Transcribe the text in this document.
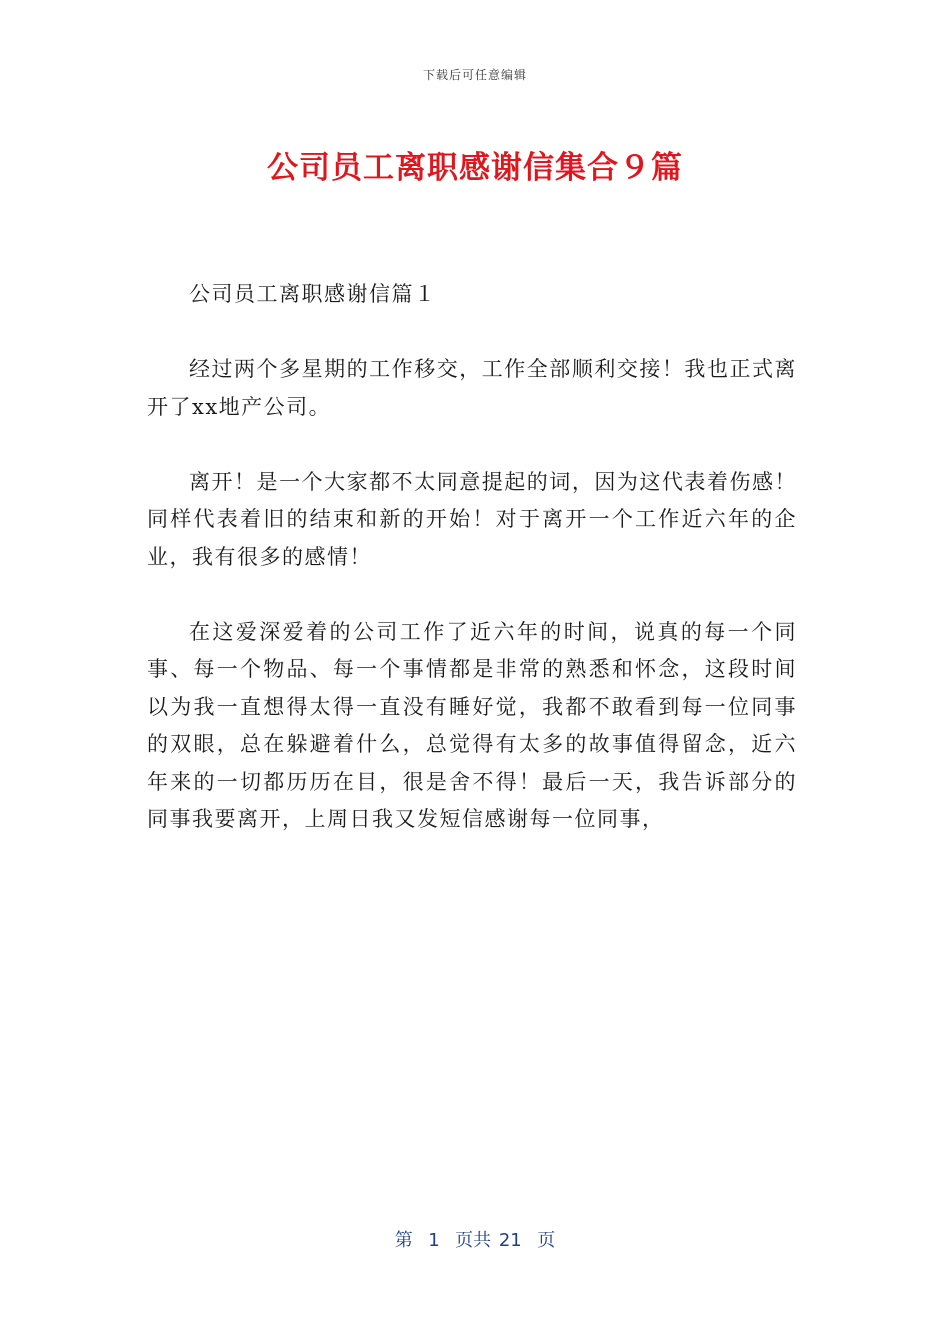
下载后可任意编辑
公司员工离职感谢信集合９篇

公司员工离职感谢信篇１

经过两个多星期的工作移交，工作全部顺利交接！我也正式离开了xx地产公司。

离开！是一个大家都不太同意提起的词，因为这代表着伤感！同样代表着旧的结束和新的开始！对于离开一个工作近六年的企业，我有很多的感情！

在这爱深爱着的公司工作了近六年的时间，说真的每一个同事、每一个物品、每一个事情都是非常的熟悉和怀念，这段时间以为我一直想得太得一直没有睡好觉，我都不敢看到每一位同事的双眼，总在躲避着什么，总觉得有太多的故事值得留念，近六年来的一切都历历在目，很是舍不得！最后一天，我告诉部分的同事我要离开，上周日我又发短信感谢每一位同事，

第  1  页共 21  页
